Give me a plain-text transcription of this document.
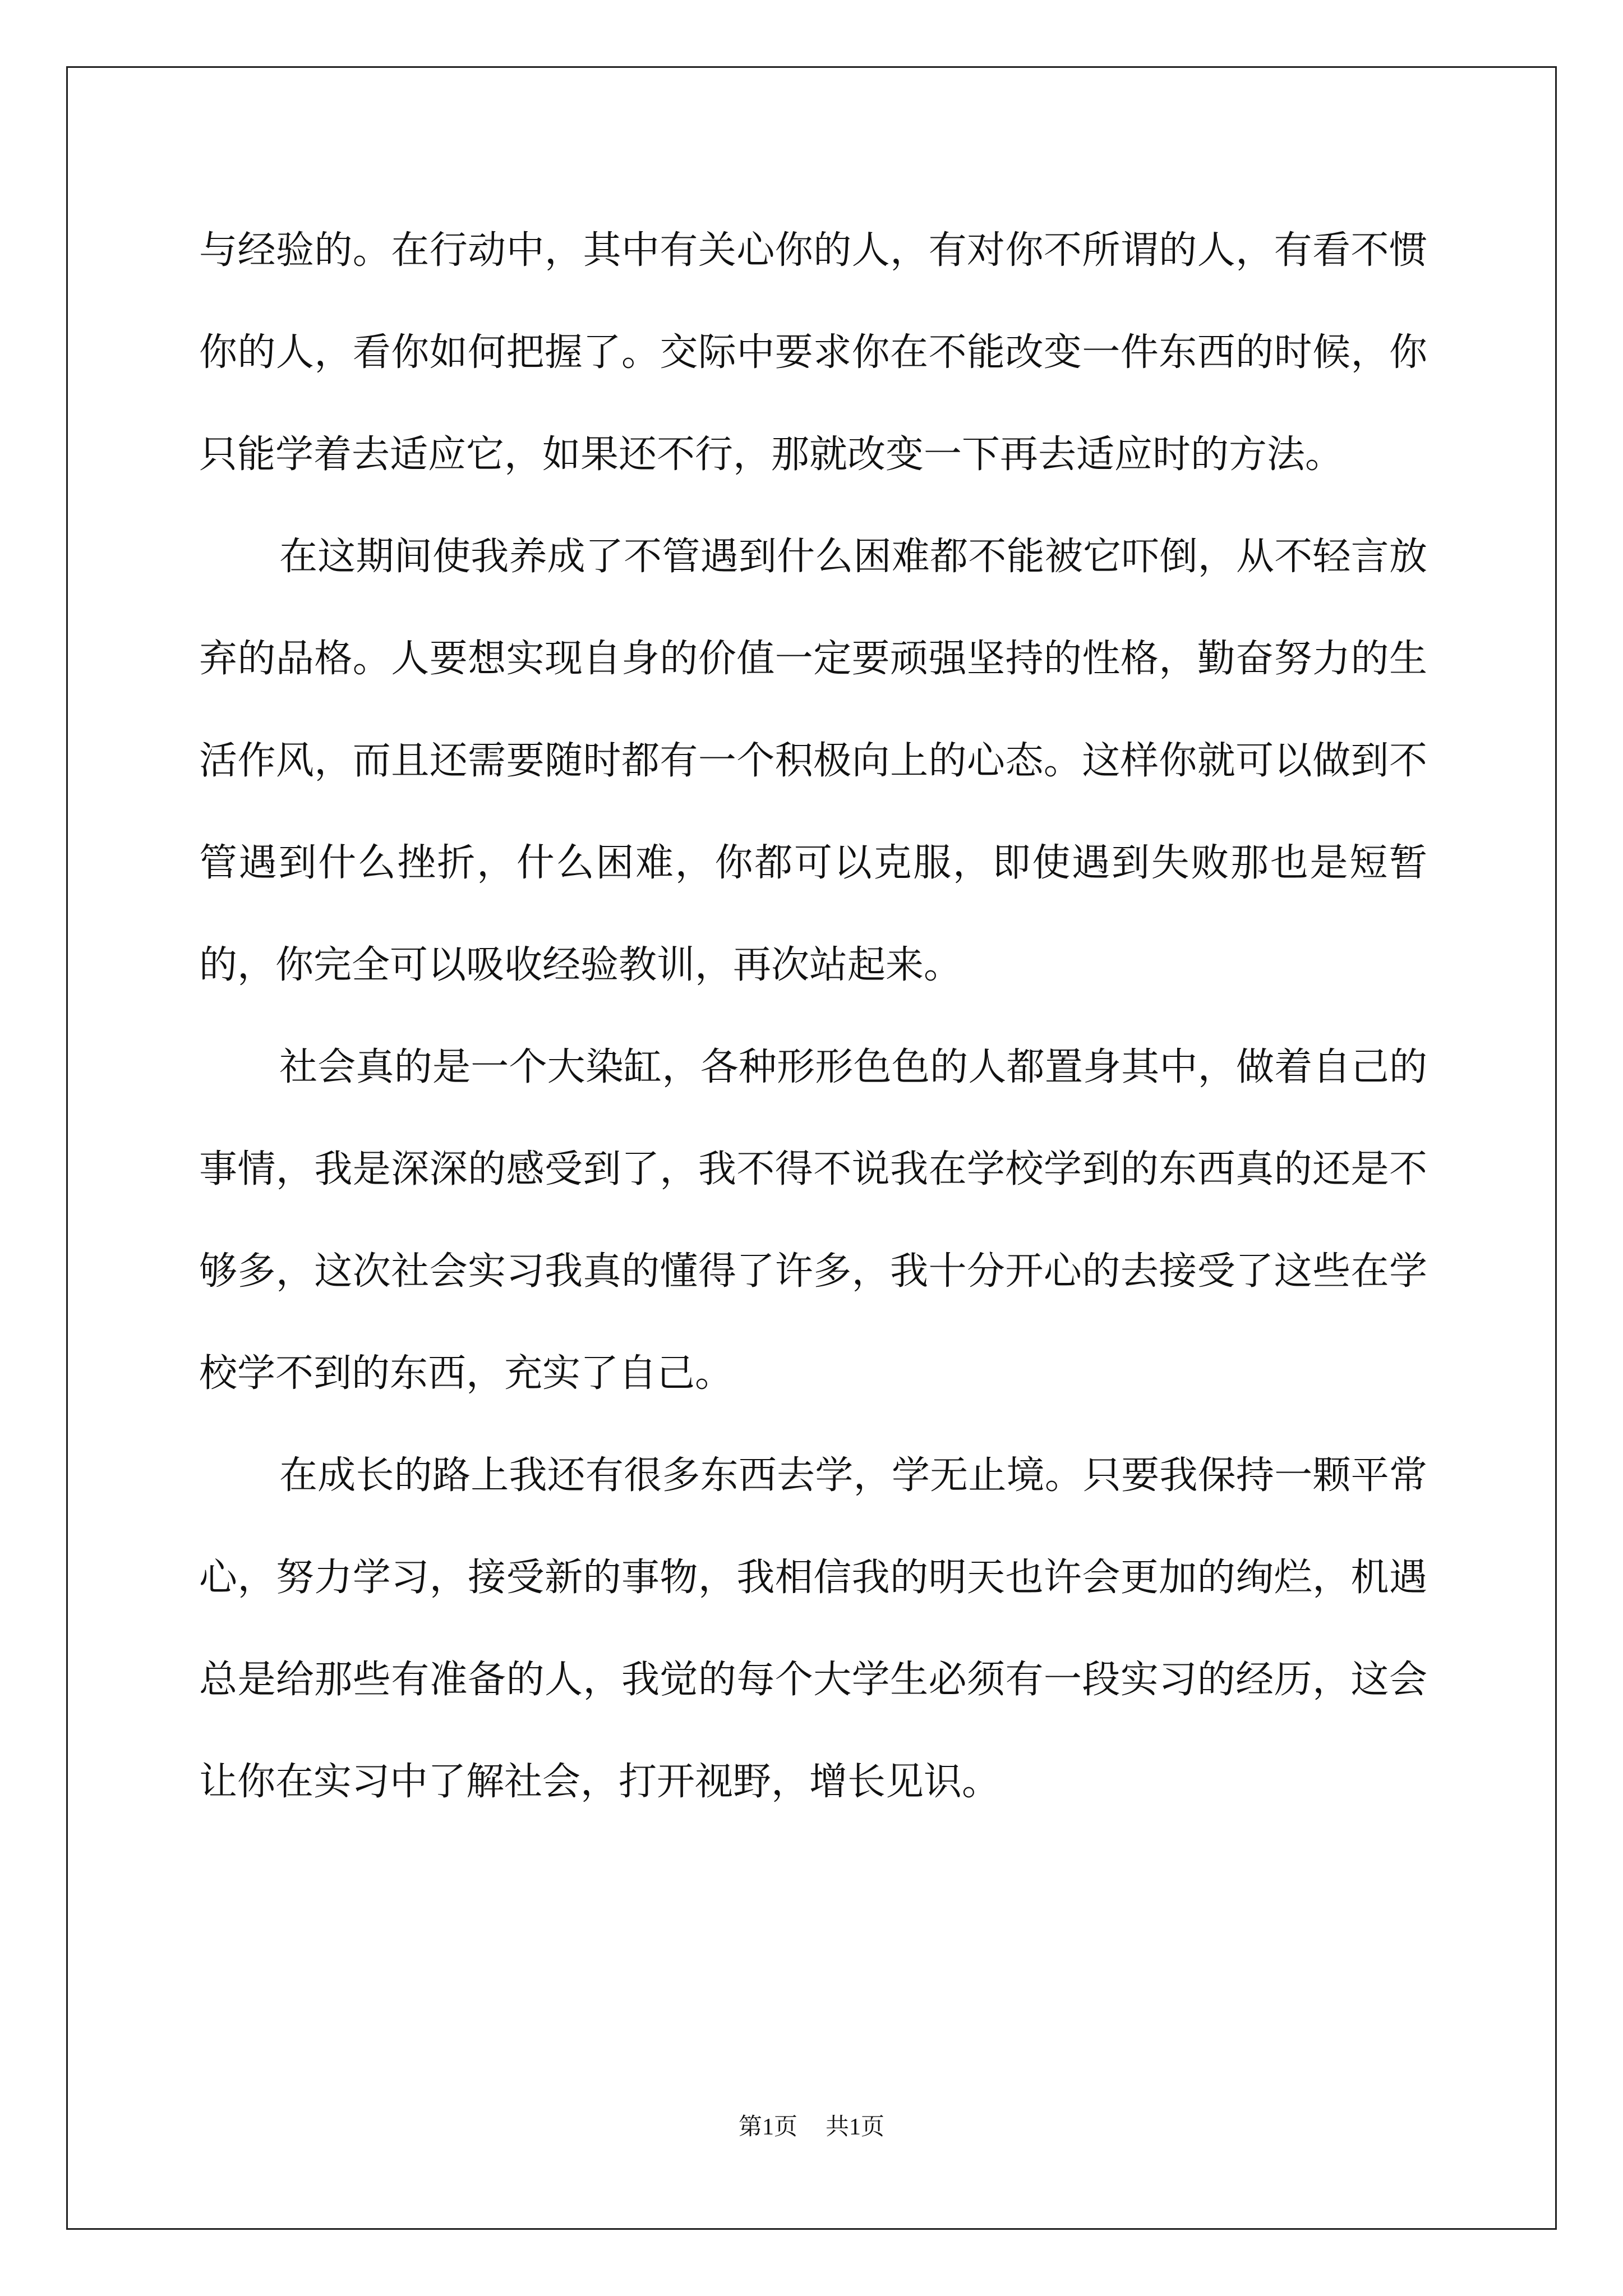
与经验的。在行动中，其中有关心你的人，有对你不所谓的人，有看不惯你的人，看你如何把握了。交际中要求你在不能改变一件东西的时候，你只能学着去适应它，如果还不行，那就改变一下再去适应时的方法。

在这期间使我养成了不管遇到什么困难都不能被它吓倒，从不轻言放弃的品格。人要想实现自身的价值一定要顽强坚持的性格，勤奋努力的生活作风，而且还需要随时都有一个积极向上的心态。这样你就可以做到不管遇到什么挫折，什么困难，你都可以克服，即使遇到失败那也是短暂的，你完全可以吸收经验教训，再次站起来。

社会真的是一个大染缸，各种形形色色的人都置身其中，做着自己的事情，我是深深的感受到了，我不得不说我在学校学到的东西真的还是不够多，这次社会实习我真的懂得了许多，我十分开心的去接受了这些在学校学不到的东西，充实了自己。

在成长的路上我还有很多东西去学，学无止境。只要我保持一颗平常心，努力学习，接受新的事物，我相信我的明天也许会更加的绚烂，机遇总是给那些有准备的人，我觉的每个大学生必须有一段实习的经历，这会让你在实习中了解社会，打开视野，增长见识。

第1页 共1页
